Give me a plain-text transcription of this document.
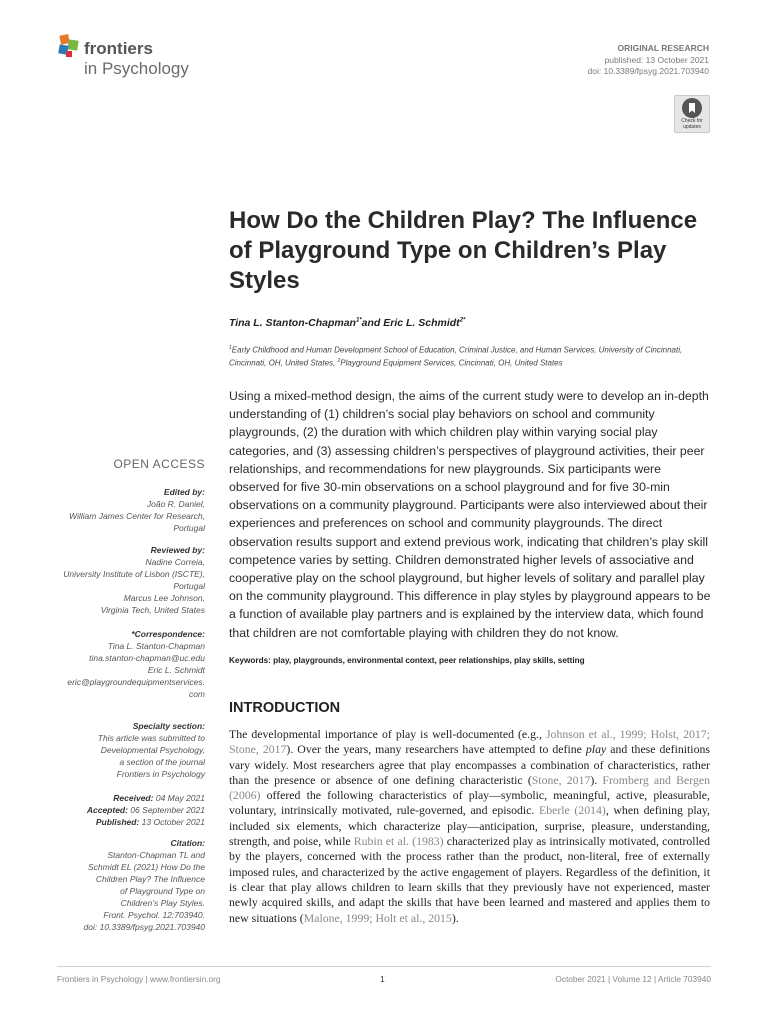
frontiers
in Psychology
ORIGINAL RESEARCH
published: 13 October 2021
doi: 10.3389/fpsyg.2021.703940
Check for
updates
How Do the Children Play? The Influence of Playground Type on Children’s Play Styles
Tina L. Stanton-Chapman$^{1*}$and Eric L. Schmidt$^{2*}$
$^1$Early Childhood and Human Development School of Education, Criminal Justice, and Human Services, University of Cincinnati, Cincinnati, OH, United States, $^2$Playground Equipment Services, Cincinnati, OH, United States
Using a mixed-method design, the aims of the current study were to develop an in-depth understanding of (1) children’s social play behaviors on school and community playgrounds, (2) the duration with which children play within varying social play categories, and (3) assessing children’s perspectives of playground activities, their peer relationships, and recommendations for new playgrounds. Six participants were observed for five 30-min observations on a school playground and for five 30-min observations on a community playground. Participants were also interviewed about their experiences and preferences on school and community playgrounds. The direct observation results support and extend previous work, indicating that children’s play skill competence varies by setting. Children demonstrated higher levels of associative and cooperative play on the school playground, but higher levels of solitary and parallel play on the community playground. This difference in play styles by playground appears to be a function of available play partners and is explained by the interview data, which found that children are not comfortable playing with children they do not know.
Keywords: play, playgrounds, environmental context, peer relationships, play skills, setting
INTRODUCTION
The developmental importance of play is well-documented (e.g., Johnson et al., 1999; Holst, 2017; Stone, 2017). Over the years, many researchers have attempted to define play and these definitions vary widely. Most researchers agree that play encompasses a combination of characteristics, rather than the presence or absence of one defining characteristic (Stone, 2017). Fromberg and Bergen (2006) offered the following characteristics of play—symbolic, meaningful, active, pleasurable, voluntary, intrinsically motivated, rule-governed, and episodic. Eberle (2014), when defining play, included six elements, which characterize play—anticipation, surprise, pleasure, understanding, strength, and poise, while Rubin et al. (1983) characterized play as intrinsically motivated, controlled by the players, concerned with the process rather than the product, non-literal, free of externally imposed rules, and characterized by the active engagement of players. Regardless of the definition, it is clear that play allows children to learn skills that they previously have not experienced, master newly acquired skills, and adapt the skills that have been learned and mastered and applies them to new situations (Malone, 1999; Holt et al., 2015).
OPEN ACCESS
Edited by:
João R. Daniel,
William James Center for Research,
Portugal
Reviewed by:
Nadine Correia,
University Institute of Lisbon (ISCTE),
Portugal
Marcus Lee Johnson,
Virginia Tech, United States
*Correspondence:
Tina L. Stanton-Chapman
tina.stanton-chapman@uc.edu
Eric L. Schmidt
eric@playgroundequipmentservices.
com
Specialty section:
This article was submitted to
Developmental Psychology,
a section of the journal
Frontiers in Psychology
Received: 04 May 2021
Accepted: 06 September 2021
Published: 13 October 2021
Citation:
Stanton-Chapman TL and
Schmidt EL (2021) How Do the
Children Play? The Influence
of Playground Type on
Children’s Play Styles.
Front. Psychol. 12:703940.
doi: 10.3389/fpsyg.2021.703940
Frontiers in Psychology | www.frontiersin.org	1	October 2021 | Volume 12 | Article 703940
